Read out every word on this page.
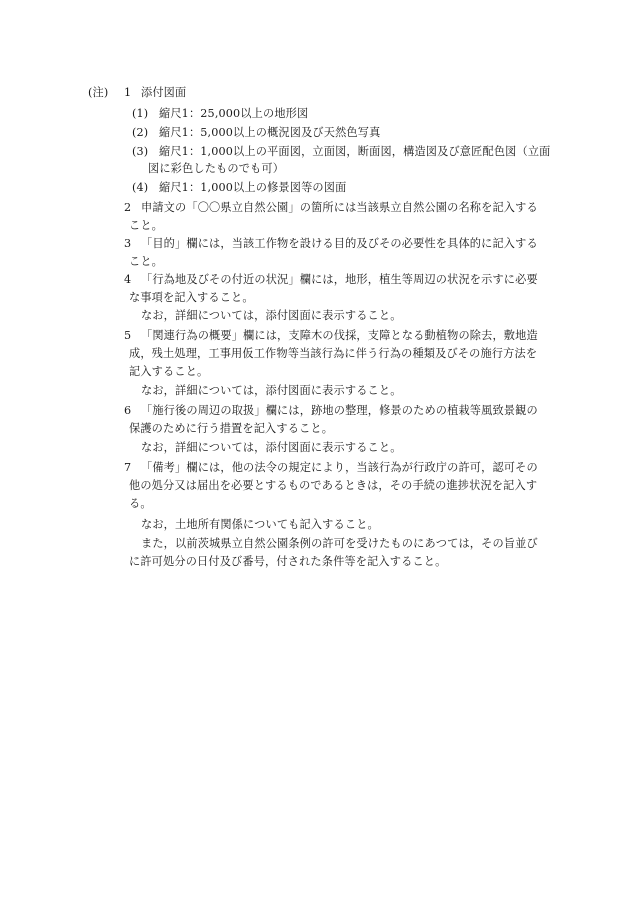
(注) 1 添付図面
(1) 縮尺1：25,000以上の地形図
(2) 縮尺1：5,000以上の概況図及び天然色写真
(3) 縮尺1：1,000以上の平面図，立面図，断面図，構造図及び意匠配色図（立面
図に彩色したものでも可）
(4) 縮尺1：1,000以上の修景図等の図面
2 申請文の「〇〇県立自然公園」の箇所には当該県立自然公園の名称を記入する
こと。
3 「目的」欄には，当該工作物を設ける目的及びその必要性を具体的に記入する
こと。
4 「行為地及びその付近の状況」欄には，地形，植生等周辺の状況を示すに必要
な事項を記入すること。
なお，詳細については，添付図面に表示すること。
5 「関連行為の概要」欄には，支障木の伐採，支障となる動植物の除去，敷地造
成，残土処理，工事用仮工作物等当該行為に伴う行為の種類及びその施行方法を
記入すること。
なお，詳細については，添付図面に表示すること。
6 「施行後の周辺の取扱」欄には，跡地の整理，修景のための植栽等風致景観の
保護のために行う措置を記入すること。
なお，詳細については，添付図面に表示すること。
7 「備考」欄には，他の法令の規定により，当該行為が行政庁の許可，認可その
他の処分又は届出を必要とするものであるときは，その手続の進捗状況を記入す
る。
なお，土地所有関係についても記入すること。
また，以前茨城県立自然公園条例の許可を受けたものにあつては，その旨並び
に許可処分の日付及び番号，付された条件等を記入すること。
